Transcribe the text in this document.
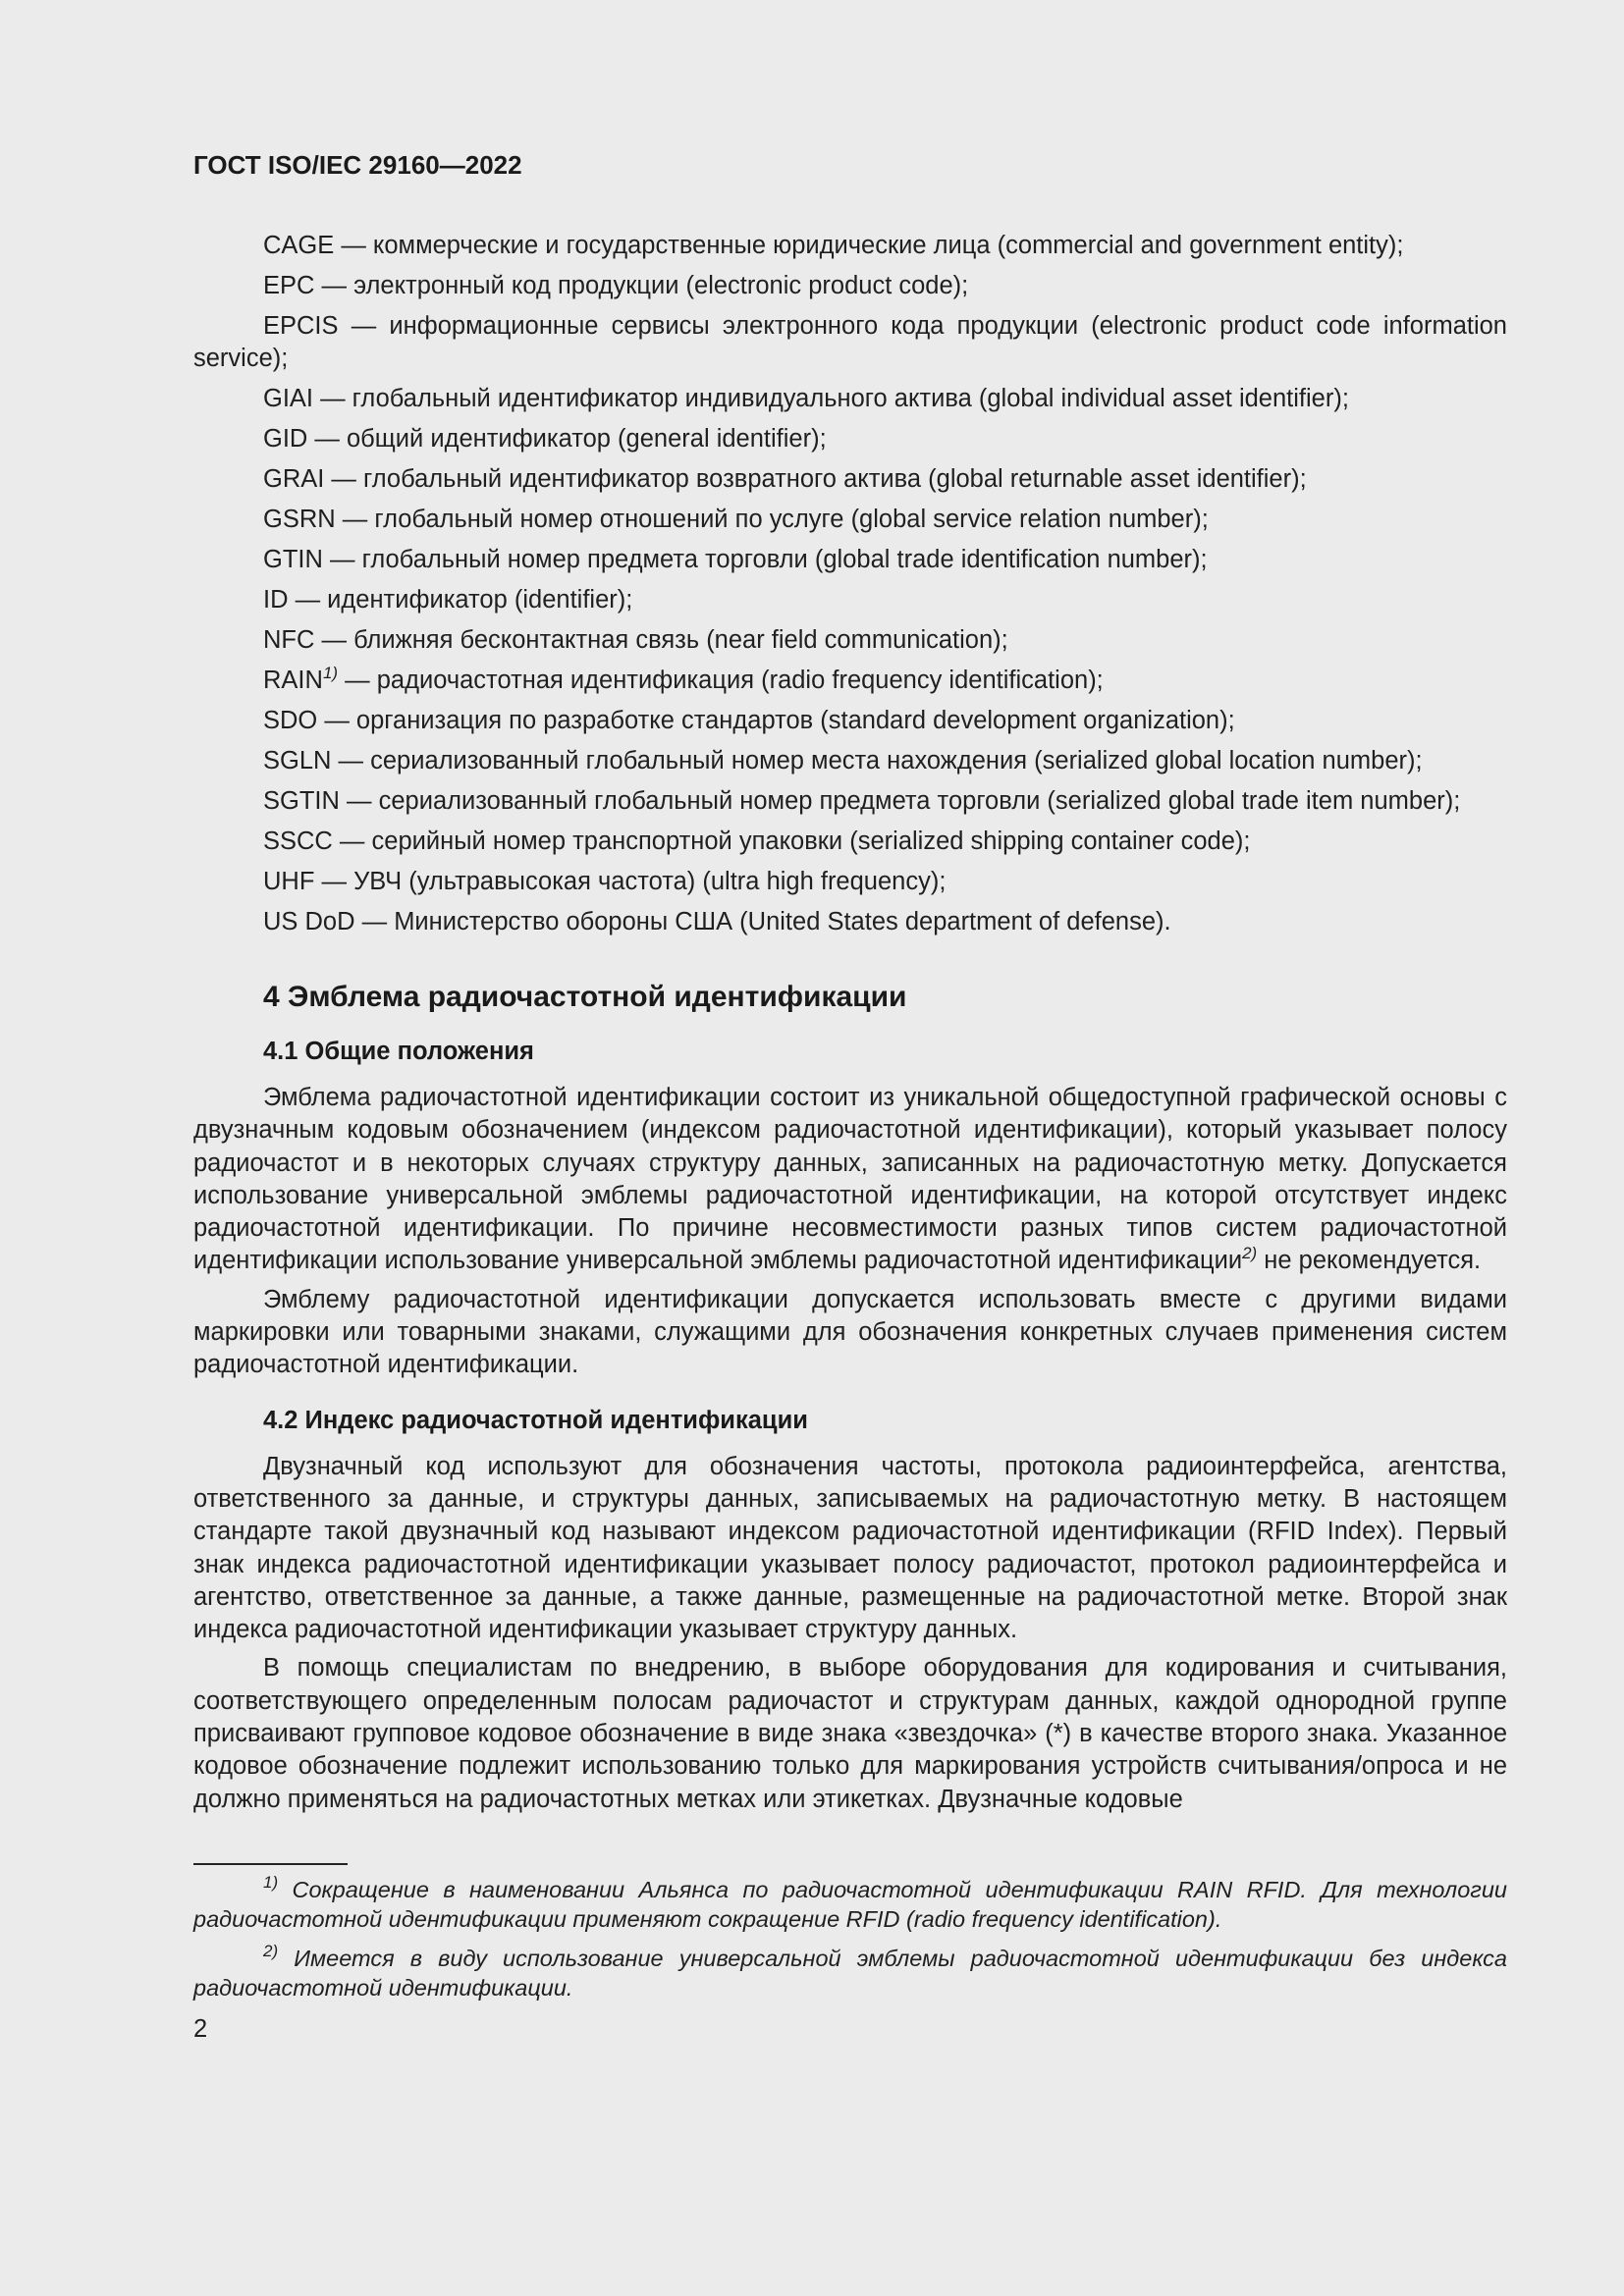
ГОСТ ISO/IEC 29160—2022
CAGE — коммерческие и государственные юридические лица (commercial and government entity);
EPC — электронный код продукции (electronic product code);
EPCIS — информационные сервисы электронного кода продукции (electronic product code information service);
GIAI — глобальный идентификатор индивидуального актива (global individual asset identifier);
GID — общий идентификатор (general identifier);
GRAI — глобальный идентификатор возвратного актива (global returnable asset identifier);
GSRN — глобальный номер отношений по услуге (global service relation number);
GTIN — глобальный номер предмета торговли (global trade identification number);
ID — идентификатор (identifier);
NFC — ближняя бесконтактная связь (near field communication);
RAIN$^{1)}$ — радиочастотная идентификация (radio frequency identification);
SDO — организация по разработке стандартов (standard development organization);
SGLN — сериализованный глобальный номер места нахождения (serialized global location number);
SGTIN — сериализованный глобальный номер предмета торговли (serialized global trade item number);
SSCC — серийный номер транспортной упаковки (serialized shipping container code);
UHF — УВЧ (ультравысокая частота) (ultra high frequency);
US DoD — Министерство обороны США (United States department of defense).
4 Эмблема радиочастотной идентификации
4.1 Общие положения
Эмблема радиочастотной идентификации состоит из уникальной общедоступной графической основы с двузначным кодовым обозначением (индексом радиочастотной идентификации), который указывает полосу радиочастот и в некоторых случаях структуру данных, записанных на радиочастотную метку. Допускается использование универсальной эмблемы радиочастотной идентификации, на которой отсутствует индекс радиочастотной идентификации. По причине несовместимости разных типов систем радиочастотной идентификации использование универсальной эмблемы радиочастотной идентификации$^{2)}$ не рекомендуется.
Эмблему радиочастотной идентификации допускается использовать вместе с другими видами маркировки или товарными знаками, служащими для обозначения конкретных случаев применения систем радиочастотной идентификации.
4.2 Индекс радиочастотной идентификации
Двузначный код используют для обозначения частоты, протокола радиоинтерфейса, агентства, ответственного за данные, и структуры данных, записываемых на радиочастотную метку. В настоящем стандарте такой двузначный код называют индексом радиочастотной идентификации (RFID Index). Первый знак индекса радиочастотной идентификации указывает полосу радиочастот, протокол радиоинтерфейса и агентство, ответственное за данные, а также данные, размещенные на радиочастотной метке. Второй знак индекса радиочастотной идентификации указывает структуру данных.
В помощь специалистам по внедрению, в выборе оборудования для кодирования и считывания, соответствующего определенным полосам радиочастот и структурам данных, каждой однородной группе присваивают групповое кодовое обозначение в виде знака «звездочка» (*) в качестве второго знака. Указанное кодовое обозначение подлежит использованию только для маркирования устройств считывания/опроса и не должно применяться на радиочастотных метках или этикетках. Двузначные кодовые
$^{1)}$ Сокращение в наименовании Альянса по радиочастотной идентификации RAIN RFID. Для технологии радиочастотной идентификации применяют сокращение RFID (radio frequency identification).
$^{2)}$ Имеется в виду использование универсальной эмблемы радиочастотной идентификации без индекса радиочастотной идентификации.
2
